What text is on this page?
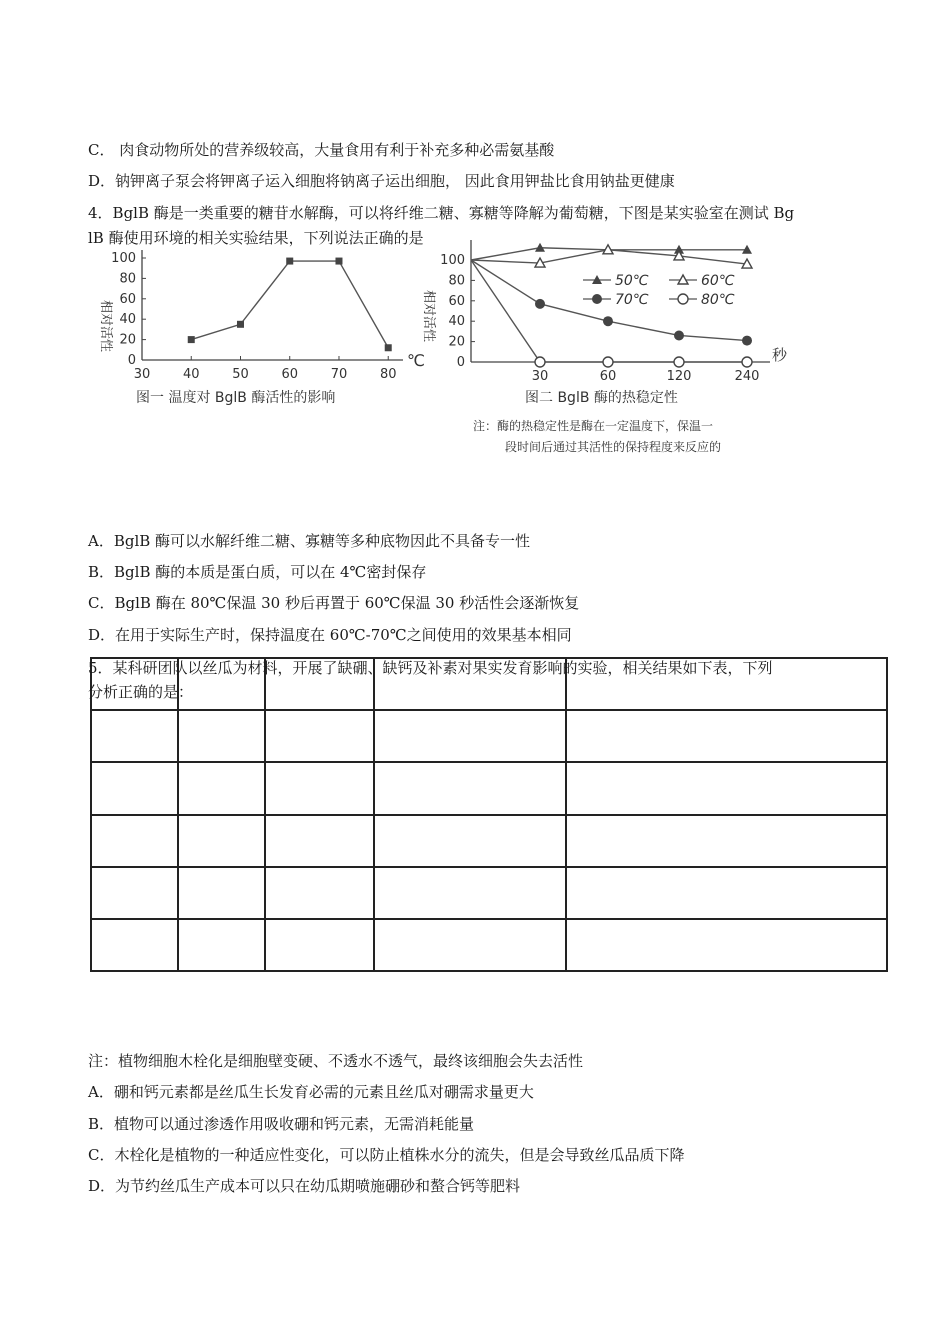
C． 肉食动物所处的营养级较高，大量食用有利于补充多种必需氨基酸
D．钠钾离子泵会将钾离子运入细胞将钠离子运出细胞， 因此食用钾盐比食用钠盐更健康
4．BglB 酶是一类重要的糖苷水解酶，可以将纤维二糖、寡糖等降解为葡萄糖，下图是某实验室在测试 Bg
lB 酶使用环境的相关实验结果，下列说法正确的是
相对活性
0
20
40
60
80
100
30	40	50	60	70	80
℃
图一 温度对 BglB 酶活性的影响
相对活性
0
20
40
60
80
100
30	60	120	240
秒
50℃	60℃
70℃	80℃
图二 BglB 酶的热稳定性
注：酶的热稳定性是酶在一定温度下，保温一
段时间后通过其活性的保持程度来反应的
A．BglB 酶可以水解纤维二糖、寡糖等多种底物因此不具备专一性
B．BglB 酶的本质是蛋白质，可以在 4℃密封保存
C．BglB 酶在 80℃保温 30 秒后再置于 60℃保温 30 秒活性会逐渐恢复
D．在用于实际生产时，保持温度在 60℃-70℃之间使用的效果基本相同
5．某科研团队以丝瓜为材料，开展了缺硼、缺钙及补素对果实发育影响的实验，相关结果如下表，下列
分析正确的是：
注：植物细胞木栓化是细胞壁变硬、不透水不透气，最终该细胞会失去活性
A．硼和钙元素都是丝瓜生长发育必需的元素且丝瓜对硼需求量更大
B．植物可以通过渗透作用吸收硼和钙元素，无需消耗能量
C．木栓化是植物的一种适应性变化，可以防止植株水分的流失，但是会导致丝瓜品质下降
D．为节约丝瓜生产成本可以只在幼瓜期喷施硼砂和螯合钙等肥料
